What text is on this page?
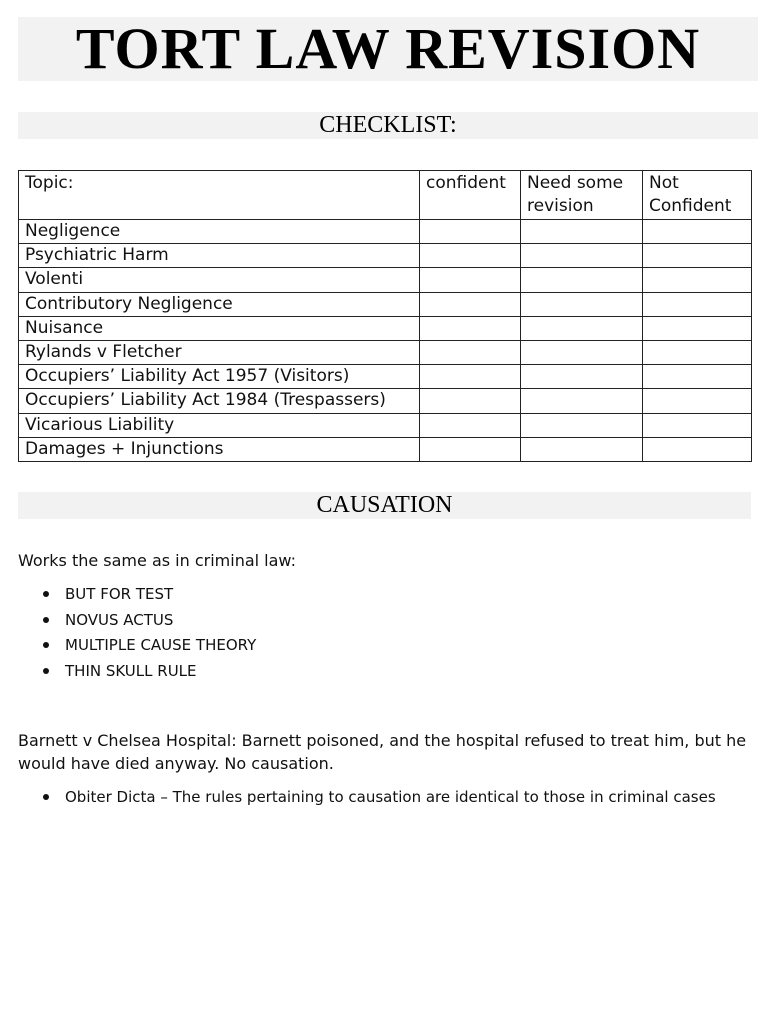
TORT LAW REVISION
CHECKLIST:
Topic:	confident	Need some revision	Not Confident
Negligence			
Psychiatric Harm			
Volenti			
Contributory Negligence			
Nuisance			
Rylands v Fletcher			
Occupiers’ Liability Act 1957 (Visitors)			
Occupiers’ Liability Act 1984 (Trespassers)			
Vicarious Liability			
Damages + Injunctions			
CAUSATION
Works the same as in criminal law:
BUT FOR TEST
NOVUS ACTUS
MULTIPLE CAUSE THEORY
THIN SKULL RULE
Barnett v Chelsea Hospital: Barnett poisoned, and the hospital refused to treat him, but he would have died anyway. No causation.
Obiter Dicta – The rules pertaining to causation are identical to those in criminal cases
